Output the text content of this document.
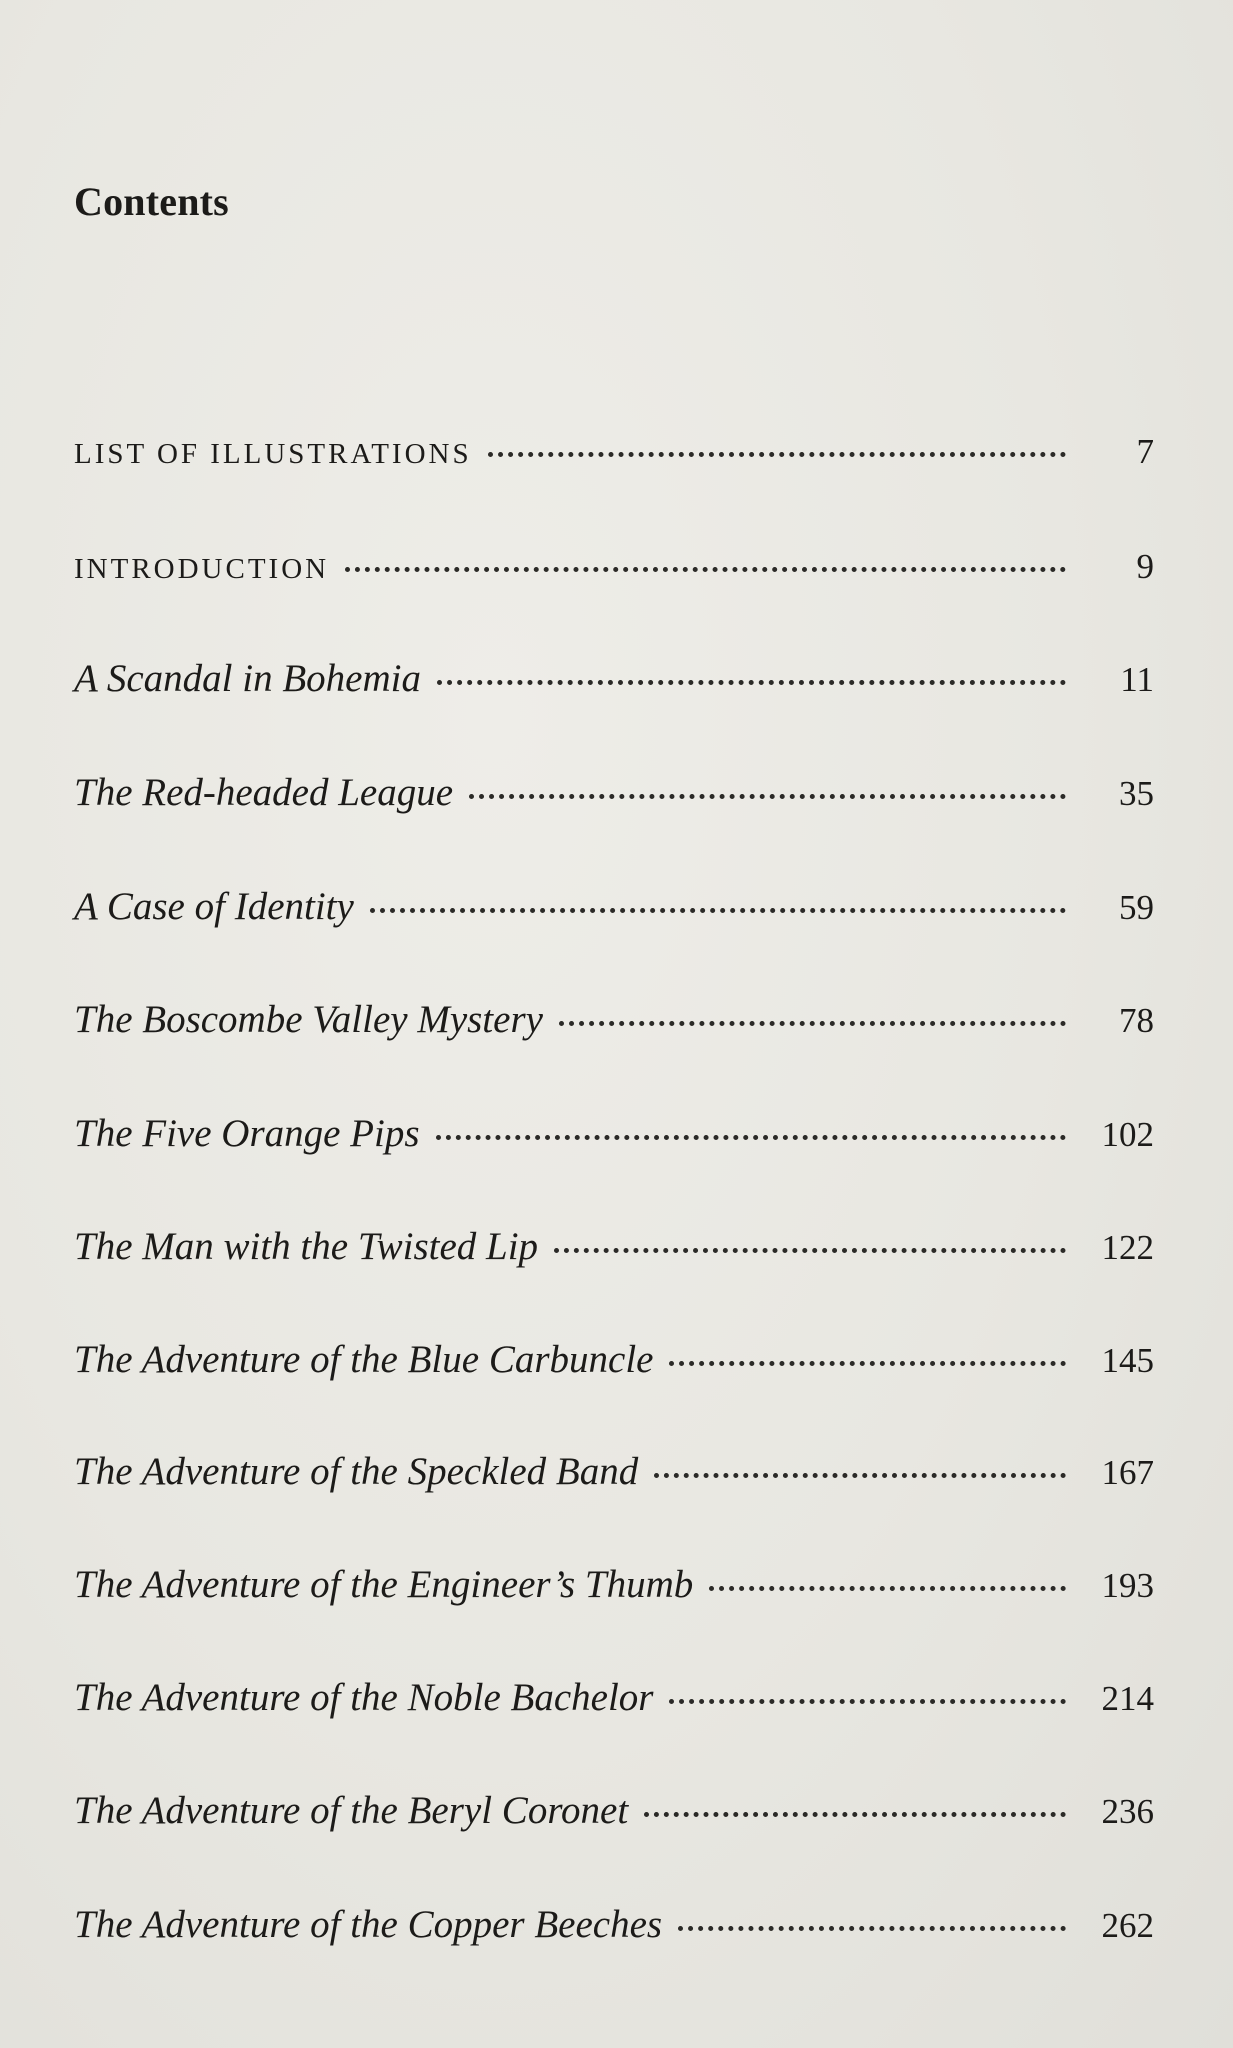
Contents
LIST OF ILLUSTRATIONS	7
INTRODUCTION	9
A Scandal in Bohemia	11
The Red-headed League	35
A Case of Identity	59
The Boscombe Valley Mystery	78
The Five Orange Pips	102
The Man with the Twisted Lip	122
The Adventure of the Blue Carbuncle	145
The Adventure of the Speckled Band	167
The Adventure of the Engineer’s Thumb	193
The Adventure of the Noble Bachelor	214
The Adventure of the Beryl Coronet	236
The Adventure of the Copper Beeches	262
